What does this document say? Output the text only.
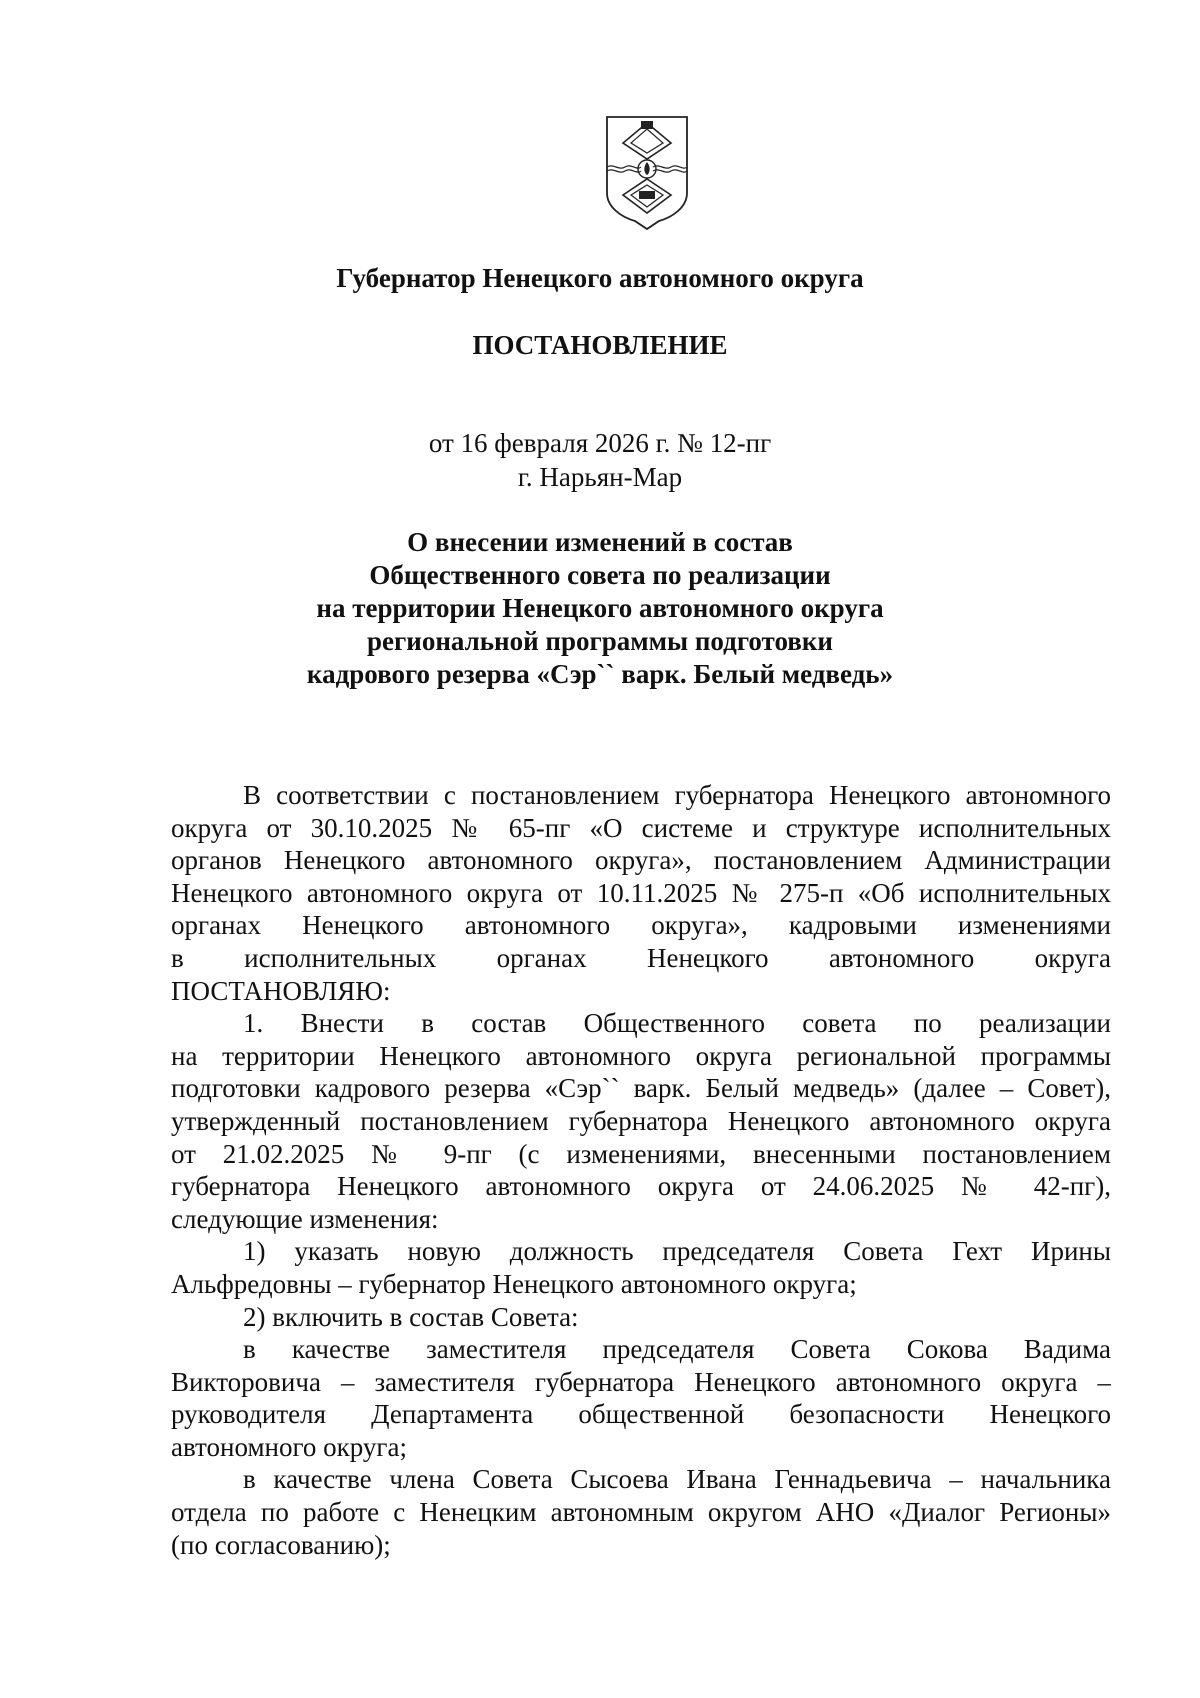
Губернатор Ненецкого автономного округа
ПОСТАНОВЛЕНИЕ
от 16 февраля 2026 г. № 12-пг
г. Нарьян-Мар
О внесении изменений в состав
Общественного совета по реализации
на территории Ненецкого автономного округа
региональной программы подготовки
кадрового резерва «Сэр`` варк. Белый медведь»
В соответствии с постановлением губернатора Ненецкого автономного
округа от 30.10.2025 № 65-пг «О системе и структуре исполнительных
органов Ненецкого автономного округа», постановлением Администрации
Ненецкого автономного округа от 10.11.2025 № 275-п «Об исполнительных
органах Ненецкого автономного округа», кадровыми изменениями
в исполнительных органах Ненецкого автономного округа
ПОСТАНОВЛЯЮ:
1. Внести в состав Общественного совета по реализации
на территории Ненецкого автономного округа региональной программы
подготовки кадрового резерва «Сэр`` варк. Белый медведь» (далее – Совет),
утвержденный постановлением губернатора Ненецкого автономного округа
от 21.02.2025 № 9-пг (с изменениями, внесенными постановлением
губернатора Ненецкого автономного округа от 24.06.2025 № 42-пг),
следующие изменения:
1) указать новую должность председателя Совета Гехт Ирины
Альфредовны – губернатор Ненецкого автономного округа;
2) включить в состав Совета:
в качестве заместителя председателя Совета Сокова Вадима
Викторовича – заместителя губернатора Ненецкого автономного округа –
руководителя Департамента общественной безопасности Ненецкого
автономного округа;
в качестве члена Совета Сысоева Ивана Геннадьевича – начальника
отдела по работе с Ненецким автономным округом АНО «Диалог Регионы»
(по согласованию);
